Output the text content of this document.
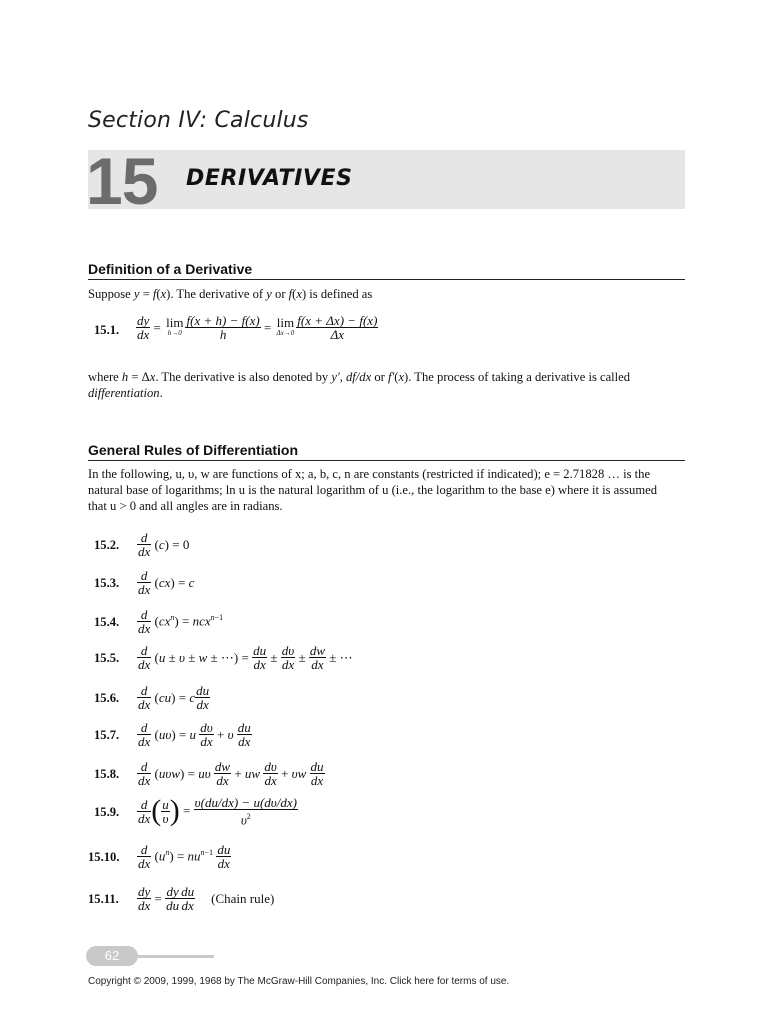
Section IV: Calculus
15 DERIVATIVES
Definition of a Derivative
Suppose y = f(x). The derivative of y or f(x) is defined as
15.1. $\frac{dy}{dx} = \lim$
$h\to 0 \frac{f(x + h) - f(x)}{h} = \lim$
$\Delta x\to 0 \frac{f(x + \Delta x) - f(x)}{\Delta x}$
where h = Δx. The derivative is also denoted by y′, df/dx or f′(x). The process of taking a derivative is called
differentiation.
General Rules of Differentiation
In the following, u, υ, w are functions of x; a, b, c, n are constants (restricted if indicated); e = 2.71828 … is the
natural base of logarithms; ln u is the natural logarithm of u (i.e., the logarithm to the base e) where it is assumed
that u > 0 and all angles are in radians.
15.2. $\frac{d}{dx} (c) = 0$
15.3. $\frac{d}{dx} (cx) = c$
15.4. $\frac{d}{dx} (cx^n) = ncx^{n-1}$
15.5. $\frac{d}{dx} (u \pm \upsilon \pm w$ ± ⋯) = $\frac{du}{dx} \pm \frac{d\upsilon}{dx} \pm \frac{dw}{dx}$ ± ⋯
15.6. $\frac{d}{dx} (cu) = c \frac{du}{dx}$
15.7. $\frac{d}{dx} (u\upsilon) = u \frac{d\upsilon}{dx} + \upsilon \frac{du}{dx}$
15.8. $\frac{d}{dx} (u\upsilon w) = u\upsilon \frac{dw}{dx}$ + uw $\frac{d\upsilon}{dx} + \upsilon w \frac{du}{dx}$
15.9. $\frac{d}{dx}$ ( $\frac{u}{\upsilon}$ ) = $\frac{\upsilon(du/dx) - u(d\upsilon/dx)}{\upsilon^2}$
15.10. $\frac{d}{dx} (u^n) = nu^{n-1} \frac{du}{dx}$
15.11. $\frac{dy}{dx} = \frac{dy}{du} \frac{du}{dx}$ (Chain rule)
62
Copyright © 2009, 1999, 1968 by The McGraw-Hill Companies, Inc. Click here for terms of use.
